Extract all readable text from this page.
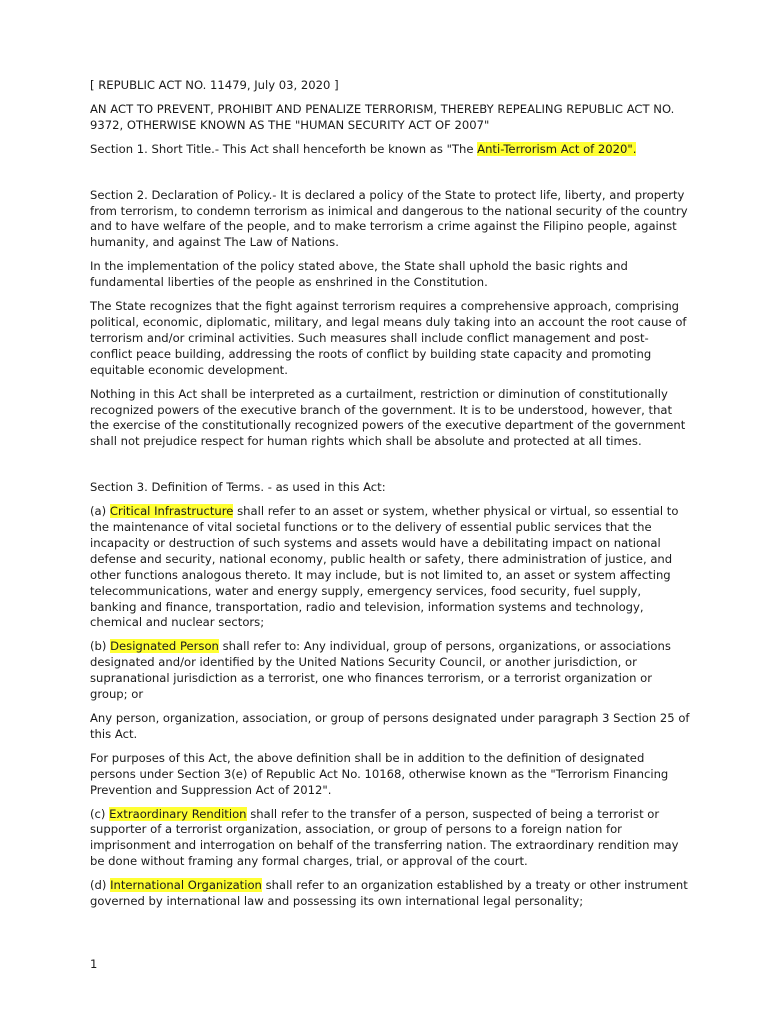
[ REPUBLIC ACT NO. 11479, July 03, 2020 ]

AN ACT TO PREVENT, PROHIBIT AND PENALIZE TERRORISM, THEREBY REPEALING REPUBLIC ACT NO. 9372, OTHERWISE KNOWN AS THE "HUMAN SECURITY ACT OF 2007"

Section 1. Short Title.- This Act shall henceforth be known as "The Anti-Terrorism Act of 2020".

Section 2. Declaration of Policy.- It is declared a policy of the State to protect life, liberty, and property from terrorism, to condemn terrorism as inimical and dangerous to the national security of the country and to have welfare of the people, and to make terrorism a crime against the Filipino people, against humanity, and against The Law of Nations.

In the implementation of the policy stated above, the State shall uphold the basic rights and fundamental liberties of the people as enshrined in the Constitution.

The State recognizes that the fight against terrorism requires a comprehensive approach, comprising political, economic, diplomatic, military, and legal means duly taking into an account the root cause of terrorism and/or criminal activities. Such measures shall include conflict management and post-conflict peace building, addressing the roots of conflict by building state capacity and promoting equitable economic development.

Nothing in this Act shall be interpreted as a curtailment, restriction or diminution of constitutionally recognized powers of the executive branch of the government. It is to be understood, however, that the exercise of the constitutionally recognized powers of the executive department of the government shall not prejudice respect for human rights which shall be absolute and protected at all times.

Section 3. Definition of Terms. - as used in this Act:

(a) Critical Infrastructure shall refer to an asset or system, whether physical or virtual, so essential to the maintenance of vital societal functions or to the delivery of essential public services that the incapacity or destruction of such systems and assets would have a debilitating impact on national defense and security, national economy, public health or safety, there administration of justice, and other functions analogous thereto. It may include, but is not limited to, an asset or system affecting telecommunications, water and energy supply, emergency services, food security, fuel supply, banking and finance, transportation, radio and television, information systems and technology, chemical and nuclear sectors;

(b) Designated Person shall refer to: Any individual, group of persons, organizations, or associations designated and/or identified by the United Nations Security Council, or another jurisdiction, or supranational jurisdiction as a terrorist, one who finances terrorism, or a terrorist organization or group; or

Any person, organization, association, or group of persons designated under paragraph 3 Section 25 of this Act.

For purposes of this Act, the above definition shall be in addition to the definition of designated persons under Section 3(e) of Republic Act No. 10168, otherwise known as the "Terrorism Financing Prevention and Suppression Act of 2012".

(c) Extraordinary Rendition shall refer to the transfer of a person, suspected of being a terrorist or supporter of a terrorist organization, association, or group of persons to a foreign nation for imprisonment and interrogation on behalf of the transferring nation. The extraordinary rendition may be done without framing any formal charges, trial, or approval of the court.

(d) International Organization shall refer to an organization established by a treaty or other instrument governed by international law and possessing its own international legal personality;

1
